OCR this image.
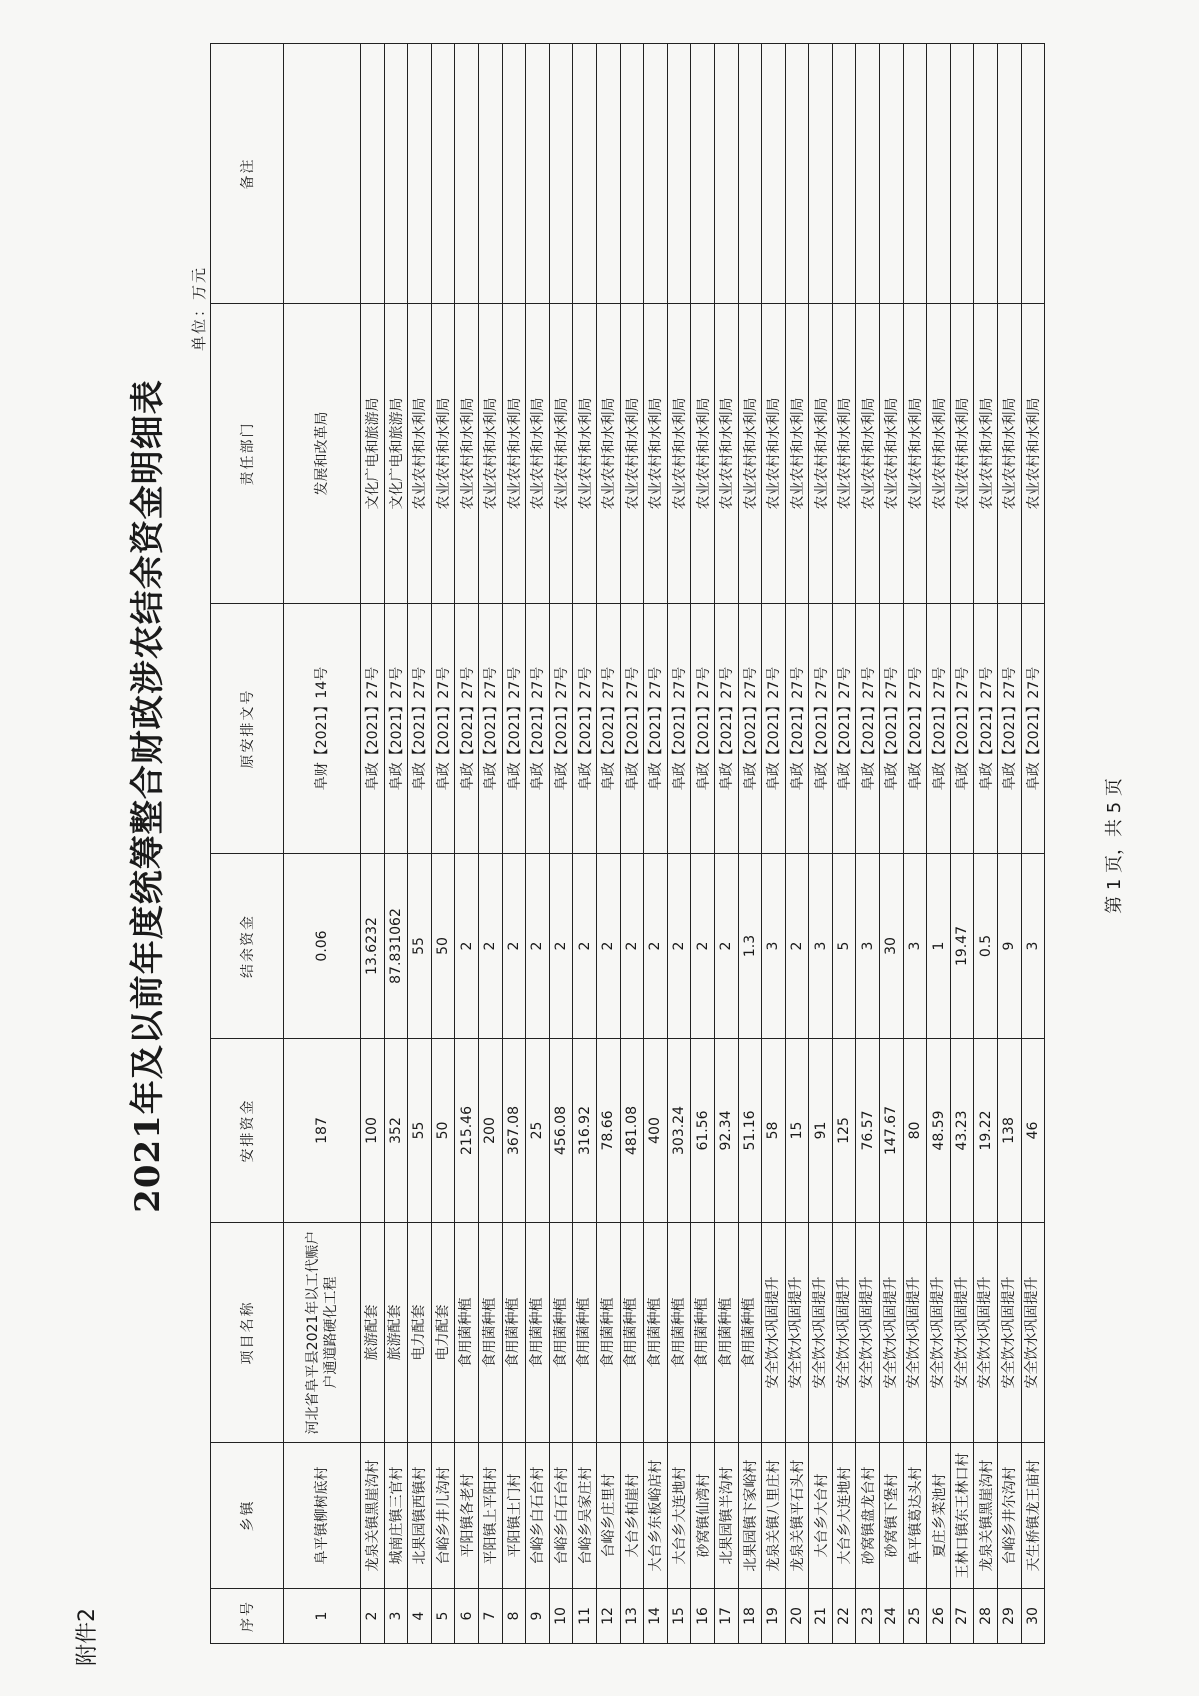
附件2
2021年及以前年度统筹整合财政涉农结余资金明细表
单位：万元
序号	乡镇	项目名称	安排资金	结余资金	原安排文号	责任部门	备注
1	阜平镇柳树底村	河北省阜平县2021年以工代赈户户通道路硬化工程	187	0.06	阜财【2021】14号	发展和改革局	
2	龙泉关镇黑崖沟村	旅游配套	100	13.6232	阜政【2021】27号	文化广电和旅游局	
3	城南庄镇三官村	旅游配套	352	87.831062	阜政【2021】27号	文化广电和旅游局	
4	北果园镇西镇村	电力配套	55	55	阜政【2021】27号	农业农村和水利局	
5	台峪乡井儿沟村	电力配套	50	50	阜政【2021】27号	农业农村和水利局	
6	平阳镇各老村	食用菌种植	215.46	2	阜政【2021】27号	农业农村和水利局	
7	平阳镇上平阳村	食用菌种植	200	2	阜政【2021】27号	农业农村和水利局	
8	平阳镇土门村	食用菌种植	367.08	2	阜政【2021】27号	农业农村和水利局	
9	台峪乡白石台村	食用菌种植	25	2	阜政【2021】27号	农业农村和水利局	
10	台峪乡白石台村	食用菌种植	456.08	2	阜政【2021】27号	农业农村和水利局	
11	台峪乡吴家庄村	食用菌种植	316.92	2	阜政【2021】27号	农业农村和水利局	
12	台峪乡庄里村	食用菌种植	78.66	2	阜政【2021】27号	农业农村和水利局	
13	大台乡柏崖村	食用菌种植	481.08	2	阜政【2021】27号	农业农村和水利局	
14	大台乡东板峪店村	食用菌种植	400	2	阜政【2021】27号	农业农村和水利局	
15	大台乡大连地村	食用菌种植	303.24	2	阜政【2021】27号	农业农村和水利局	
16	砂窝镇仙湾村	食用菌种植	61.56	2	阜政【2021】27号	农业农村和水利局	
17	北果园镇半沟村	食用菌种植	92.34	2	阜政【2021】27号	农业农村和水利局	
18	北果园镇卞家峪村	食用菌种植	51.16	1.3	阜政【2021】27号	农业农村和水利局	
19	龙泉关镇八里庄村	安全饮水巩固提升	58	3	阜政【2021】27号	农业农村和水利局	
20	龙泉关镇平石头村	安全饮水巩固提升	15	2	阜政【2021】27号	农业农村和水利局	
21	大台乡大台村	安全饮水巩固提升	91	3	阜政【2021】27号	农业农村和水利局	
22	大台乡大连地村	安全饮水巩固提升	125	5	阜政【2021】27号	农业农村和水利局	
23	砂窝镇盘龙台村	安全饮水巩固提升	76.57	3	阜政【2021】27号	农业农村和水利局	
24	砂窝镇下堡村	安全饮水巩固提升	147.67	30	阜政【2021】27号	农业农村和水利局	
25	阜平镇葛达头村	安全饮水巩固提升	80	3	阜政【2021】27号	农业农村和水利局	
26	夏庄乡菜池村	安全饮水巩固提升	48.59	1	阜政【2021】27号	农业农村和水利局	
27	王林口镇东王林口村	安全饮水巩固提升	43.23	19.47	阜政【2021】27号	农业农村和水利局	
28	龙泉关镇黑崖沟村	安全饮水巩固提升	19.22	0.5	阜政【2021】27号	农业农村和水利局	
29	台峪乡井尔沟村	安全饮水巩固提升	138	9	阜政【2021】27号	农业农村和水利局	
30	天生桥镇龙王庙村	安全饮水巩固提升	46	3	阜政【2021】27号	农业农村和水利局	
第 1 页，共 5 页
